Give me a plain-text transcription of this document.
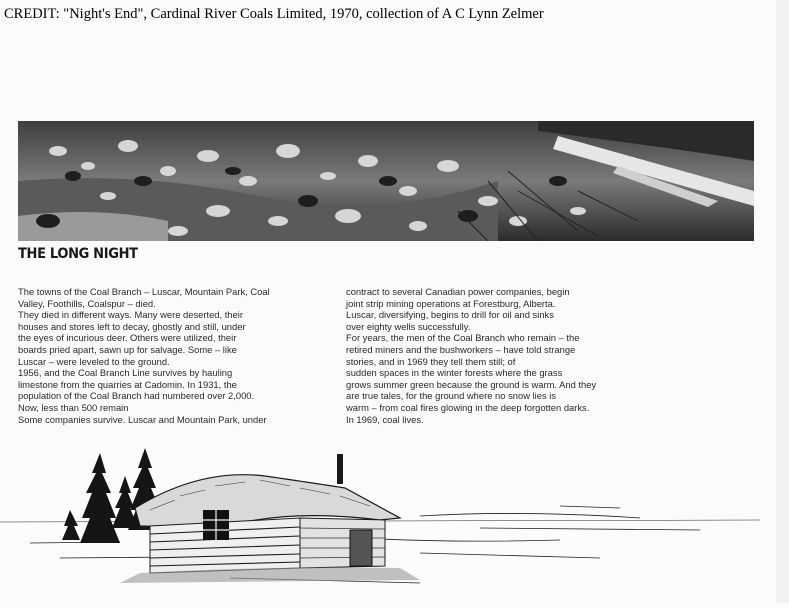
CREDIT: "Night's End", Cardinal River Coals Limited, 1970, collection of A C Lynn Zelmer
THE LONG NIGHT
The towns of the Coal Branch – Luscar, Mountain Park, Coal
Valley, Foothills, Coalspur – died.
They died in different ways. Many were deserted, their
houses and stores left to decay, ghostly and still, under
the eyes of incurious deer. Others were utilized, their
boards pried apart, sawn up for salvage. Some – like
Luscar – were leveled to the ground.
1956, and the Coal Branch Line survives by hauling
limestone from the quarries at Cadomin. In 1931, the
population of the Coal Branch had numbered over 2,000.
Now, less than 500 remain
Some companies survive. Luscar and Mountain Park, under
contract to several Canadian power companies, begin
joint strip mining operations at Forestburg, Alberta.
Luscar, diversifying, begins to drill for oil and sinks
over eighty wells successfully.
For years, the men of the Coal Branch who remain – the
retired miners and the bushworkers – have told strange
stories, and in 1969 they tell them still; of
sudden spaces in the winter forests where the grass
grows summer green because the ground is warm. And they
are true tales, for the ground where no snow lies is
warm – from coal fires glowing in the deep forgotten darks.
In 1969, coal lives.
